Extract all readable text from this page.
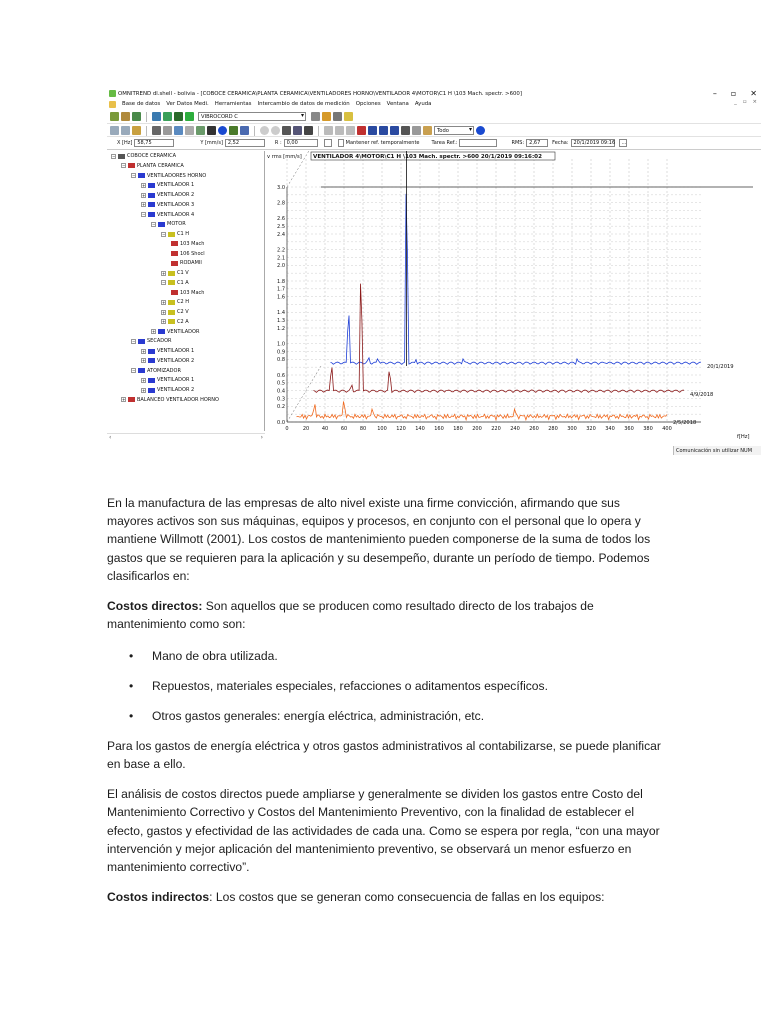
OMNITREND dl.shell - bolivia - [COBOCE CERAMICA\PLANTA CERAMICA\VENTILADORES HORNO\VENTILADOR 4\MOTOR\C1 H \103 Mach. spectr. >600]	– ▫ ✕
Base de datos Ver Datos Medi. Herramientas Intercambio de datos de medición Opciones Ventana Ayuda	_ ▫ ×
VIBROCORD C ▾
Todo ▾
X [Hz]	58,75	Y [mm/s]	2,52	R :	0,00	Mantener ref. temporalmente Tarea Ref.:	RMS:	2,67	Fecha:	20/1/2019 09:16	...
− COBOCE CERAMICA
− PLANTA CERAMICA
− VENTILADORES HORNO
+ VENTILADOR 1
+ VENTILADOR 2
+ VENTILADOR 3
− VENTILADOR 4
− MOTOR
− C1 H
103 Mach
106 Shocl
RODAMII
+ C1 V
− C1 A
103 Mach
+ C2 H
+ C2 V
+ C2 A
+ VENTILADOR
− SECADOR
+ VENTILADOR 1
+ VENTILADOR 2
− ATOMIZADOR
+ VENTILADOR 1
+ VENTILADOR 2
+ BALANCEO VENTILADOR HORNO
‹	›
0.0
0.2
0.3
0.4
0.5
0.6
0.8
0.9
1.0
1.2
1.3
1.4
1.6
1.7
1.8
2.0
2.1
2.2
2.4
2.5
2.6
2.8
3.0
0	20	40	60	80 100 120 140 160 180 200 220 240 260 280 300 320 340 360 380 400
v rms [mm/s]
f[Hz]
VENTILADOR 4\MOTOR\C1 H \103 Mach. spectr. >600 20/1/2019 09:16:02
20/1/2019
4/9/2018
2/5/2018
Comunicación sin utilizar NUM

En la manufactura de las empresas de alto nivel existe una firme convicción, afirmando que sus mayores activos son sus máquinas, equipos y procesos, en conjunto con el personal que lo opera y mantiene Willmott (2001). Los costos de mantenimiento pueden componerse de la suma de todos los gastos que se requieren para la aplicación y su desempeño, durante un período de tiempo. Podemos clasificarlos en:

Costos directos: Son aquellos que se producen como resultado directo de los trabajos de mantenimiento como son:

• Mano de obra utilizada.
• Repuestos, materiales especiales, refacciones o aditamentos específicos.
• Otros gastos generales: energía eléctrica, administración, etc.

Para los gastos de energía eléctrica y otros gastos administrativos al contabilizarse, se puede planificar en base a ello.

El análisis de costos directos puede ampliarse y generalmente se dividen los gastos entre Costo del Mantenimiento Correctivo y Costos del Mantenimiento Preventivo, con la finalidad de establecer el efecto, gastos y efectividad de las actividades de cada una. Como se espera por regla, “con una mayor intervención y mejor aplicación del mantenimiento preventivo, se observará un menor esfuerzo en mantenimiento correctivo”.

Costos indirectos: Los costos que se generan como consecuencia de fallas en los equipos:
